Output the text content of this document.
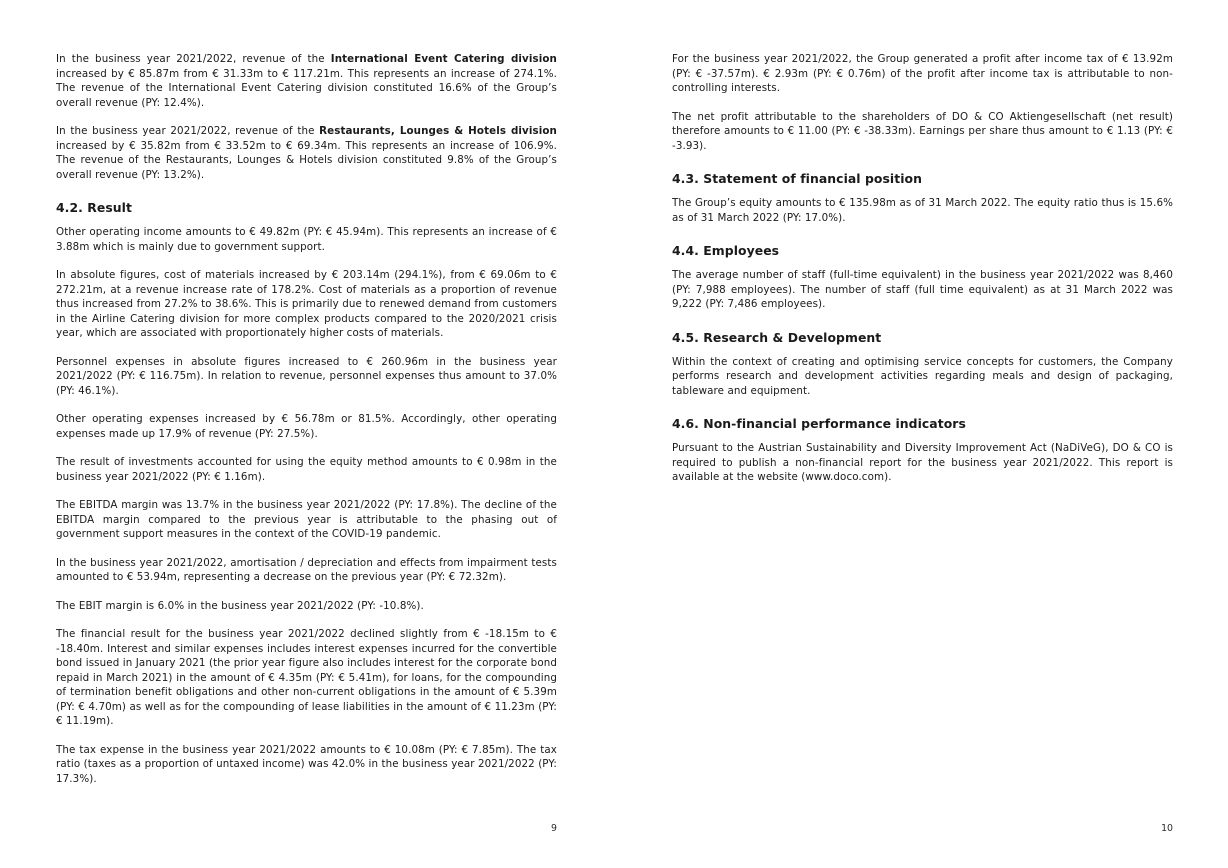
In the business year 2021/2022, revenue of the International Event Catering division increased by € 85.87m from € 31.33m to € 117.21m. This represents an increase of 274.1%. The revenue of the International Event Catering division constituted 16.6% of the Group’s overall revenue (PY: 12.4%).

In the business year 2021/2022, revenue of the Restaurants, Lounges & Hotels division increased by € 35.82m from € 33.52m to € 69.34m. This represents an increase of 106.9%. The revenue of the Restaurants, Lounges & Hotels division constituted 9.8% of the Group’s overall revenue (PY: 13.2%).

4.2. Result

Other operating income amounts to € 49.82m (PY: € 45.94m). This represents an increase of € 3.88m which is mainly due to government support.

In absolute figures, cost of materials increased by € 203.14m (294.1%), from € 69.06m to € 272.21m, at a revenue increase rate of 178.2%. Cost of materials as a proportion of revenue thus increased from 27.2% to 38.6%. This is primarily due to renewed demand from customers in the Airline Catering division for more complex products compared to the 2020/2021 crisis year, which are associated with proportionately higher costs of materials.

Personnel expenses in absolute figures increased to € 260.96m in the business year 2021/2022 (PY: € 116.75m). In relation to revenue, personnel expenses thus amount to 37.0% (PY: 46.1%).

Other operating expenses increased by € 56.78m or 81.5%. Accordingly, other operating expenses made up 17.9% of revenue (PY: 27.5%).

The result of investments accounted for using the equity method amounts to € 0.98m in the business year 2021/2022 (PY: € 1.16m).

The EBITDA margin was 13.7% in the business year 2021/2022 (PY: 17.8%). The decline of the EBITDA margin compared to the previous year is attributable to the phasing out of government support measures in the context of the COVID-19 pandemic.

In the business year 2021/2022, amortisation / depreciation and effects from impairment tests amounted to € 53.94m, representing a decrease on the previous year (PY: € 72.32m).

The EBIT margin is 6.0% in the business year 2021/2022 (PY: -10.8%).

The financial result for the business year 2021/2022 declined slightly from € -18.15m to € -18.40m. Interest and similar expenses includes interest expenses incurred for the convertible bond issued in January 2021 (the prior year figure also includes interest for the corporate bond repaid in March 2021) in the amount of € 4.35m (PY: € 5.41m), for loans, for the compounding of termination benefit obligations and other non-current obligations in the amount of € 5.39m (PY: € 4.70m) as well as for the compounding of lease liabilities in the amount of € 11.23m (PY: € 11.19m).

The tax expense in the business year 2021/2022 amounts to € 10.08m (PY: € 7.85m). The tax ratio (taxes as a proportion of untaxed income) was 42.0% in the business year 2021/2022 (PY: 17.3%).

9

For the business year 2021/2022, the Group generated a profit after income tax of € 13.92m (PY: € -37.57m). € 2.93m (PY: € 0.76m) of the profit after income tax is attributable to non-controlling interests.

The net profit attributable to the shareholders of DO & CO Aktiengesellschaft (net result) therefore amounts to € 11.00 (PY: € -38.33m). Earnings per share thus amount to € 1.13 (PY: € -3.93).

4.3. Statement of financial position

The Group’s equity amounts to € 135.98m as of 31 March 2022. The equity ratio thus is 15.6% as of 31 March 2022 (PY: 17.0%).

4.4. Employees

The average number of staff (full-time equivalent) in the business year 2021/2022 was 8,460 (PY: 7,988 employees). The number of staff (full time equivalent) as at 31 March 2022 was 9,222 (PY: 7,486 employees).

4.5. Research & Development

Within the context of creating and optimising service concepts for customers, the Company performs research and development activities regarding meals and design of packaging, tableware and equipment.

4.6. Non-financial performance indicators

Pursuant to the Austrian Sustainability and Diversity Improvement Act (NaDiVeG), DO & CO is required to publish a non-financial report for the business year 2021/2022. This report is available at the website (www.doco.com).

10
